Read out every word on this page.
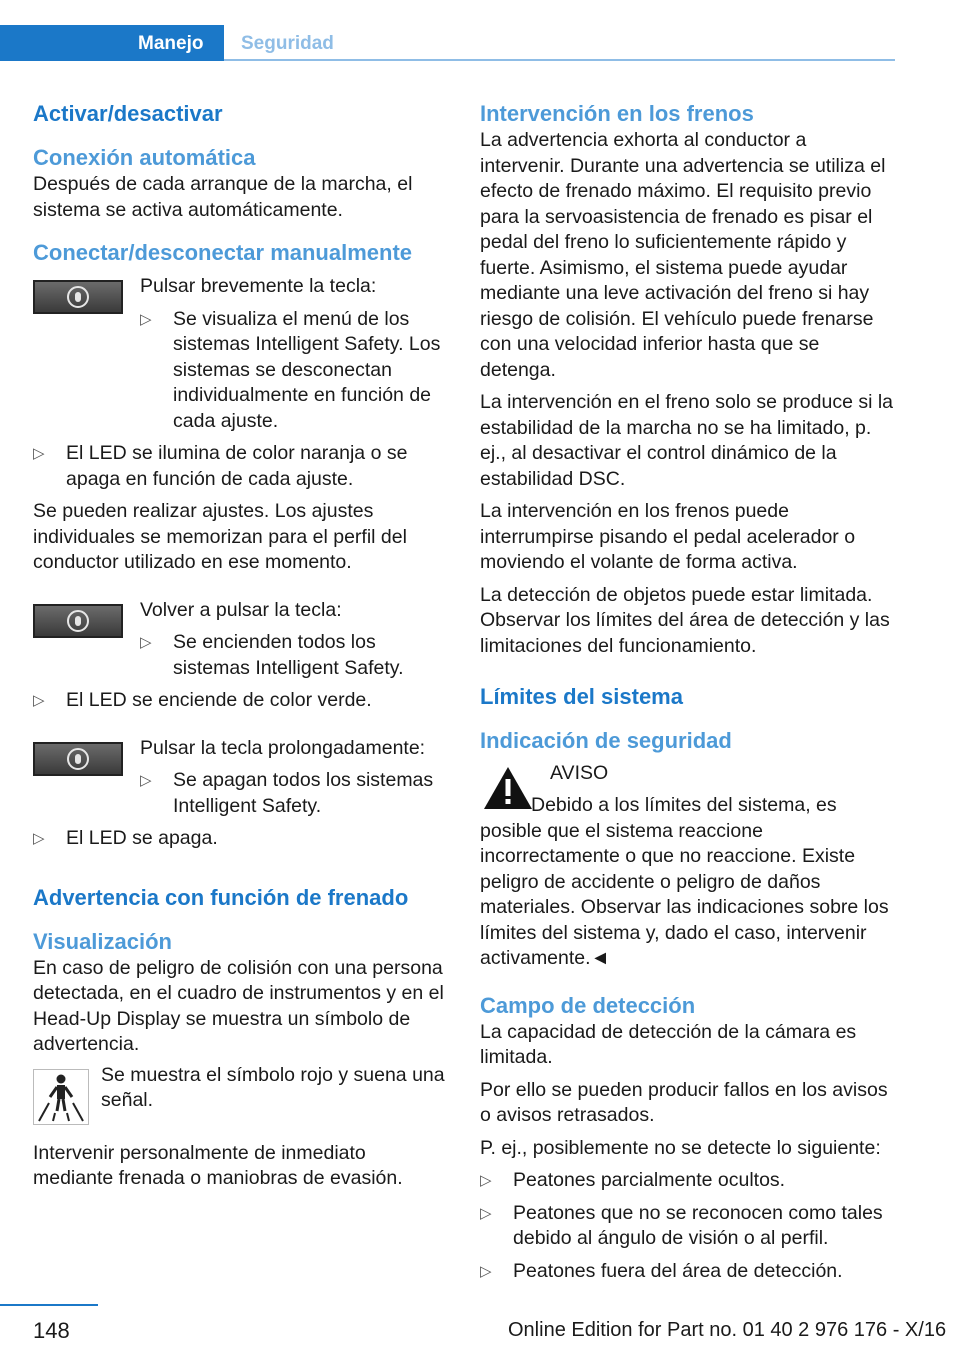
Manejo Seguridad
Activar/desactivar
Conexión automática

Después de cada arranque de la marcha, el sistema se activa automáticamente.

Conectar/desconectar manualmente

Pulsar brevemente la tecla:

▷	Se visualiza el menú de los sistemas Intelligent Safety. Los sistemas se desconectan individualmente en función de cada ajuste.
▷	El LED se ilumina de color naranja o se apaga en función de cada ajuste.

Se pueden realizar ajustes. Los ajustes individuales se memorizan para el perfil del conductor utilizado en ese momento.

Volver a pulsar la tecla:

▷	Se encienden todos los sistemas Intelligent Safety.
▷	El LED se enciende de color verde.

Pulsar la tecla prolongadamente:

▷	Se apagan todos los sistemas Intelligent Safety.
▷	El LED se apaga.
Advertencia con función de frenado
Visualización

En caso de peligro de colisión con una persona detectada, en el cuadro de instrumentos y en el Head-Up Display se muestra un símbolo de advertencia.

Se muestra el símbolo rojo y suena una señal.

Intervenir personalmente de inmediato mediante frenada o maniobras de evasión.

Intervención en los frenos

La advertencia exhorta al conductor a intervenir. Durante una advertencia se utiliza el efecto de frenado máximo. El requisito previo para la servoasistencia de frenado es pisar el pedal del freno lo suficientemente rápido y fuerte. Asimismo, el sistema puede ayudar mediante una leve activación del freno si hay riesgo de colisión. El vehículo puede frenarse con una velocidad inferior hasta que se detenga.

La intervención en el freno solo se produce si la estabilidad de la marcha no se ha limitado, p. ej., al desactivar el control dinámico de la estabilidad DSC.

La intervención en los frenos puede interrumpirse pisando el pedal acelerador o moviendo el volante de forma activa.

La detección de objetos puede estar limitada. Observar los límites del área de detección y las limitaciones del funcionamiento.

Límites del sistema
Indicación de seguridad

AVISO

Debido a los límites del sistema, es posible que el sistema reaccione incorrectamente o que no reaccione. Existe peligro de accidente o peligro de daños materiales. Observar las indicaciones sobre los límites del sistema y, dado el caso, intervenir activamente.◄

Campo de detección

La capacidad de detección de la cámara es limitada.

Por ello se pueden producir fallos en los avisos o avisos retrasados.

P. ej., posiblemente no se detecte lo siguiente:

▷	Peatones parcialmente ocultos.
▷	Peatones que no se reconocen como tales debido al ángulo de visión o al perfil.
▷	Peatones fuera del área de detección.
148	Online Edition for Part no. 01 40 2 976 176 - X/16
